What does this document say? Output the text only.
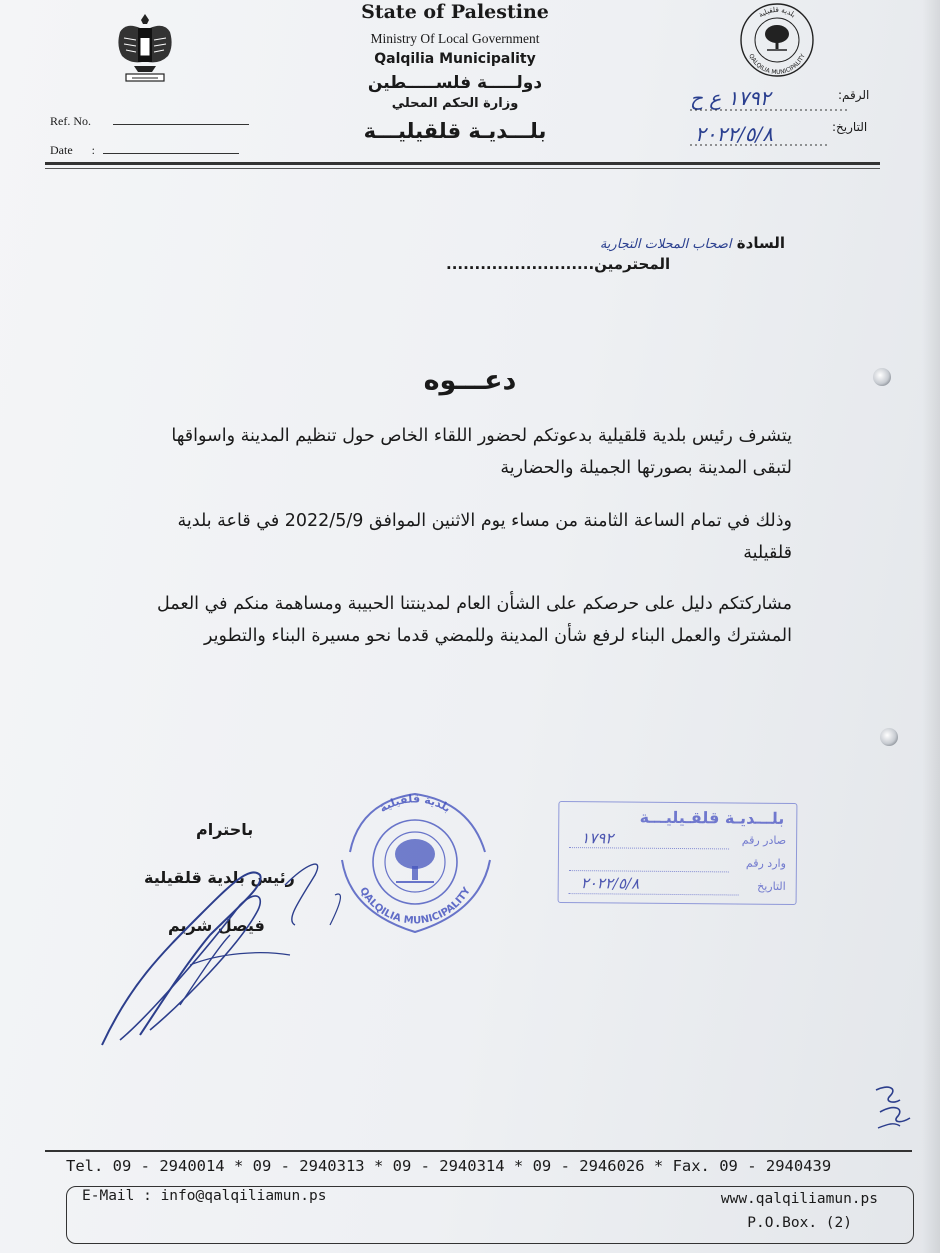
State of Palestine
Ministry Of Local Government
Qalqilia Municipality
دولـــــة فلســـــطين
وزارة الحكم المحلي
بلـــديـة قلقيليـــة
Ref. No.
Date :
بلدية قلقيلية
QALQILIA MUNICIPALITY
الرقم:
التاريخ:
١٧٩٢ ع ح
٢٠٢٢/٥/٨
السادة اصحاب المحلات التجارية
المحترمين..........................
دعـــوه
يتشرف رئيس بلدية قلقيلية بدعوتكم لحضور اللقاء الخاص حول تنظيم المدينة واسواقها لتبقى المدينة بصورتها الجميلة والحضارية
وذلك في تمام الساعة الثامنة من مساء يوم الاثنين الموافق 2022/5/9 في قاعة بلدية قلقيلية
مشاركتكم دليل على حرصكم على الشأن العام لمدينتنا الحبيبة ومساهمة منكم في العمل المشترك والعمل البناء لرفع شأن المدينة وللمضي قدما نحو مسيرة البناء والتطوير
باحترام
رئيس بلدية قلقيلية
فيصل شريم
QALQILIA MUNICIPALITY
بلدية قلقيلية	بلـــديـة قلقـيليـــة
صادر رقم
١٧٩٢
وارد رقم
التاريخ
٢٠٢٢/٥/٨
Tel. 09 - 2940014 * 09 - 2940313 * 09 - 2940314 * 09 - 2946026 * Fax. 09 - 2940439
E-Mail : info@qalqiliamun.ps	www.qalqiliamun.ps
P.O.Box. (2)
